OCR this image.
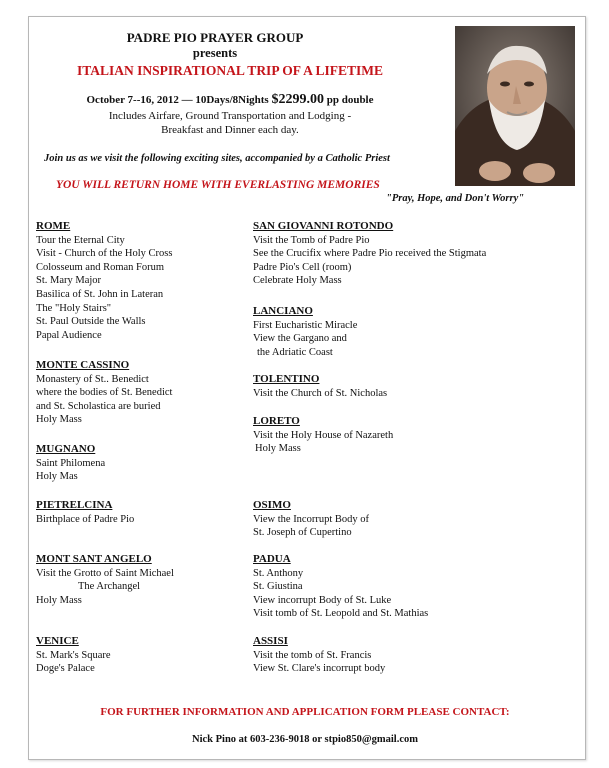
PADRE PIO PRAYER GROUP
presents
ITALIAN INSPIRATIONAL TRIP OF A LIFETIME
October 7--16, 2012 — 10Days/8Nights $2299.00 pp double
Includes Airfare, Ground Transportation and Lodging -
Breakfast and Dinner each day.
Join us as we visit the following exciting sites, accompanied by a Catholic Priest
YOU WILL RETURN HOME WITH EVERLASTING MEMORIES
"Pray, Hope, and Don't Worry"
ROME
Tour the Eternal City
Visit - Church of the Holy Cross
Colosseum and Roman Forum
St. Mary Major
Basilica of St. John in Lateran
The "Holy Stairs"
St. Paul Outside the Walls
Papal Audience
MONTE CASSINO
Monastery of St.. Benedict
where the bodies of St. Benedict
and St. Scholastica are buried
Holy Mass
MUGNANO
Saint Philomena
Holy Mas
PIETRELCINA
Birthplace of Padre Pio
MONT SANT ANGELO
Visit the Grotto of Saint Michael
The Archangel
Holy Mass
VENICE
St. Mark's Square
Doge's Palace
SAN GIOVANNI ROTONDO
Visit the Tomb of Padre Pio
See the Crucifix where Padre Pio received the Stigmata
Padre Pio's Cell (room)
Celebrate Holy Mass
LANCIANO
First Eucharistic Miracle
View the Gargano and
the Adriatic Coast
TOLENTINO
Visit the Church of St. Nicholas
LORETO
Visit the Holy House of Nazareth
Holy Mass
OSIMO
View the Incorrupt Body of
St. Joseph of Cupertino
PADUA
St. Anthony
St. Giustina
View incorrupt Body of St. Luke
Visit tomb of St. Leopold and St. Mathias
ASSISI
Visit the tomb of St. Francis
View St. Clare's incorrupt body
FOR FURTHER INFORMATION AND APPLICATION FORM PLEASE CONTACT:
Nick Pino at 603-236-9018 or stpio850@gmail.com
